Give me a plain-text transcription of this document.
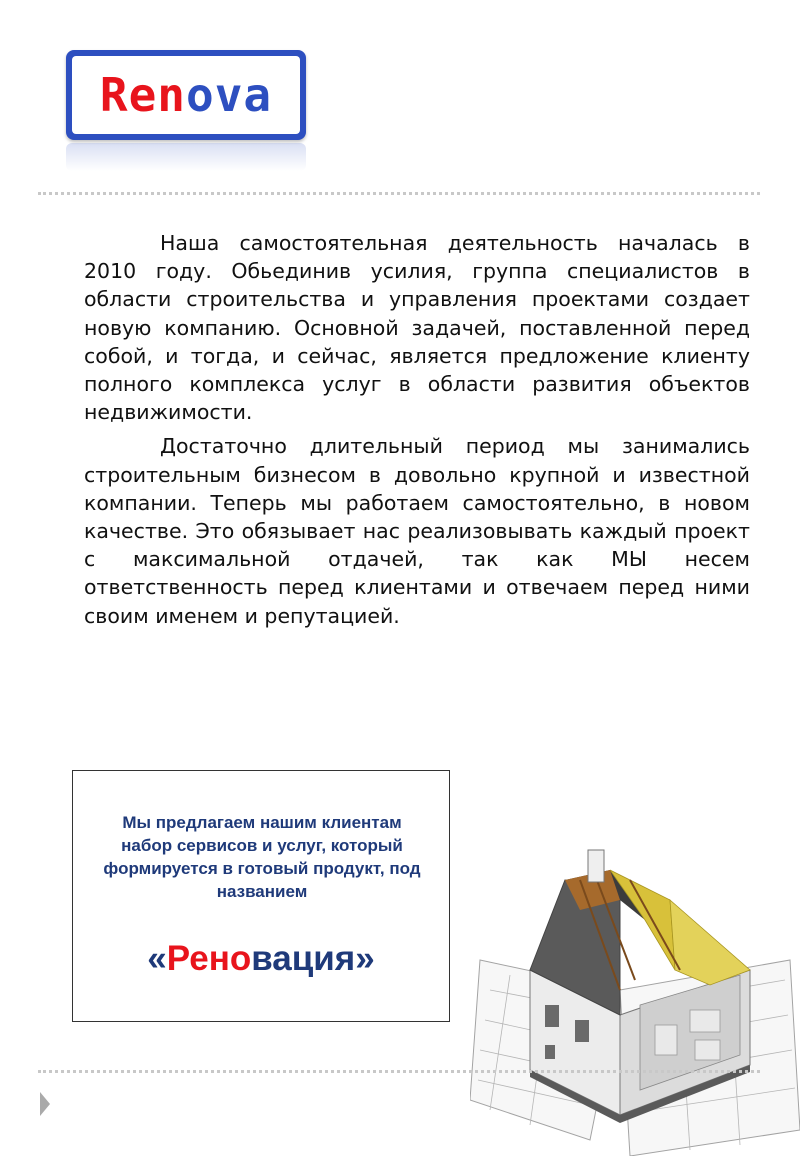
Renova

Наша самостоятельная деятельность началась в 2010 году. Обьединив усилия, группа специалистов в области строительства и управления проектами создает новую компанию. Основной задачей, поставленной перед собой, и тогда, и сейчас, является предложение клиенту полного комплекса услуг в области развития объектов недвижимости.

Достаточно длительный период мы занимались строительным бизнесом в довольно крупной и известной компании. Теперь мы работаем самостоятельно, в новом качестве. Это обязывает нас реализовывать каждый проект с максимальной отдачей, так как МЫ несем ответственность перед клиентами и отвечаем перед ними своим именем и репутацией.

Мы предлагаем нашим клиентам набор сервисов и услуг, который формируется в готовый продукт, под названием
«Реновация»
